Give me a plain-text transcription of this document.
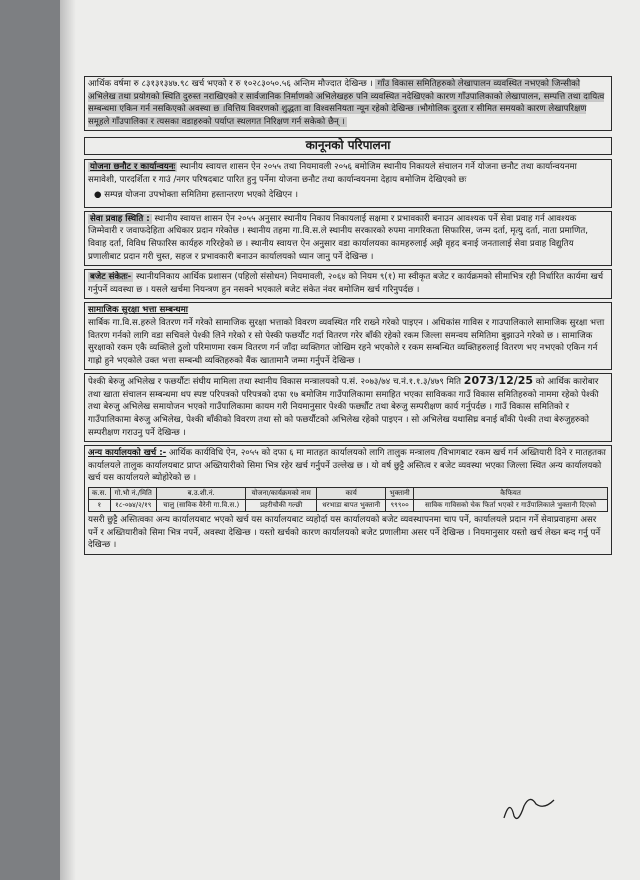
आर्थिक वर्षमा रु ८३१३१३४७.९८ खर्च भएको र रु १०२८३०५०.५६ अन्तिम मौज्दात देखिन्छ । गाँउ विकास समितिहरुको लेखापालन व्यवस्थित नभएको जिन्सीको अभिलेख तथा प्रयोगको स्थिति दुरुस्त नराखिएको र सार्वजानिक निर्माणको अभिलेखहरु पनि व्यवस्थित नदेखिएको कारण गाँउपालिकाको लेखापालन, सम्पत्ति तथा दायित्व सम्बन्धमा एकिन गर्न नसकिएको अवस्था छ ।वित्तिय विवरणको शुद्धता वा विश्वसनियता न्यून रहेको देखिन्छ ।भौगोलिक दुरता र सीमित समयको कारण लेखापरिक्षण समूहले गाँउपालिका र त्यसका वडाहरुको पर्याप्त स्थलगत निरिक्षण गर्न सकेको छैन् ।
कानूनको परिपालना
योजना छनौट र कार्यान्वयनः स्थानीय स्वायत्त शासन ऐन २०५५ तथा नियमावली २०५६ बमोजिम स्थानीय निकायले संचालन गर्ने योजना छनौट तथा कार्यान्वयनमा समावेशी, पारदर्शिता र गाउं /नगर परिषदबाट पारित हुनु पर्नेमा योजना छनौट तथा कार्यान्वयनमा देहाय बमोजिम देखिएको छः
● सम्पन्न योजना उपभोक्ता समितिमा हस्तान्तरण भएको देखिएन ।
सेवा प्रवाह स्थिति : स्थानीय स्वायत्त शासन ऐन २०५५ अनुसार स्थानीय निकाय निकायलाई सक्षमा र प्रभावकारी बनाउन आवश्यक पर्ने सेवा प्रवाह गर्न आवश्यक जिम्मेवारी र जवाफदेहिता अधिकार प्रदान गरेकोछ । स्थानीय तहमा गा.वि.स.ले स्थानीय सरकारको रुपमा नागरिकता सिफारिस, जन्म दर्ता, मृत्यु दर्ता, नाता प्रमाणित, विवाह दर्ता, विविध सिफारिस कार्यहरु गरिरहेको छ । स्थानीय स्वायत्त ऐन अनुसार वडा कार्यालयका कामहरुलाई अझै वृहद बनाई जनतालाई सेवा प्रवाह विद्युतिय प्रणालीबाट प्रदान गरी चुस्त, सहज र प्रभावकारी बनाउन कार्यालयको ध्यान जानु पर्ने देखिन्छ ।
बजेट संकेतः- स्थानीयनिकाय आर्थिक प्रशासन (पहिलो संसोधन) नियमावली, २०६४ को नियम ९(१) मा स्वीकृत बजेट र कार्यक्रमको सीमाभित्र रही निर्धारित कार्यमा खर्च गर्नुपर्ने व्यवस्था छ । यसले खर्चमा नियन्त्रण हुन नसक्ने भएकाले बजेट संकेत नंवर बमोजिम खर्च गरिनुपर्दछ ।
सामाजिक सुरक्षा भत्ता सम्बन्धमा
सार्बिक गा.वि.स.हरुले वितरण गर्ने गरेको सामाजिक सुरक्षा भत्ताको विवरण व्यवस्थित गरि राख्ने गरेको पाइएन । अधिकांस गाविस र गाउपालिकाले सामाजिक सुरक्षा भत्ता वितरण गर्नको लागि वडा सचिवले पेश्की लिने गरेको र सो पेस्की फछर्यौट गर्दा वितरण गरेर बाँकी रहेको रकम जिल्ला समन्वय समितिमा बुझाउने गरेको छ । सामाजिक सुरक्षाको रकम एकै व्यक्तिले ठुलो परिमाणमा रकम वितरण गर्न जाँदा व्यक्तिगत जोखिम रहने भएकोले र रकम सम्बन्धित व्यक्तिहरुलाई वितरण भए नभएको एकिन गर्न गाह्रो हुने भएकोले उक्त भत्ता सम्बन्धी व्यक्तिहरुको बैंक खातामानै जम्मा गर्नुपर्ने देखिन्छ ।
पेश्की बेरुजु अभिलेख र फछर्यौटः संघीय मामिला तथा स्थानीय विकास मन्त्रालयको प.सं. २०७३/७४ च.नं.१.१.३/४७९ मिति 2073/12/25 को आर्थिक कारोबार तथा खाता संचालन सम्बन्धमा थप स्पष्ट परिपत्रको परिपत्रको दफा १७ बमोजिम गाउँपालिकामा समाहित भएका साविकका गाउँ विकास समितिहरुको नाममा रहेको पेश्की तथा बेरुजु अभिलेख समायोजन भएको गाउँपालिकामा कायम गरी नियमानुसार पेश्की फर्छ्यौट तथा बेरुजु सम्परीक्षण कार्य गर्नुपर्दछ । गाउँ विकास समितिको र गाउँपालिकामा बेरुजु अभिलेख, पेश्की बाँकीको विवरण तथा सो को फछर्यौटको अभिलेख रहेको पाइएन । सो अभिलेख यथासिघ्र बनाई बाँकी पेश्की तथा बेरुजुहरुको सम्परीक्षण गराउनु पर्ने देखिन्छ ।
अन्य कार्यालयको खर्च :- आर्थिक कार्यविधि ऐन, २०५५ को दफा ६ मा मातहत कार्यालयको लागि तालुक मन्त्रालय /विभागबाट रकम खर्च गर्न अख्तियारी दिने र मातहतका कार्यालयले तालुक कार्यालयबाट प्राप्त अख्तियारीको सिमा भित्र रहेर खर्च गर्नुपर्ने उल्लेख छ । यो वर्ष छुट्टै अस्तित्व र बजेट व्यवस्था भएका जिल्ला स्थित अन्य कार्यालयको खर्च यस कार्यालयले ब्योहोरेको छ ।
क.स.	गो.भौ नं./मिति	ब.उ.शी.नं.	योजना/कार्यक्रमको नाम	कार्य	भुक्तानी	कैफियत
१	१८-०७४/२/१९	चालु (साविक वैरेनी गा.वि.स.)	प्रहरीचौकी गल्छी	धरभाडा बापत भुक्तानी	९९९००	साविक गाविसको चेक फिर्ता भएको र गाउँपालिकाले भुक्तानी दिएको
यसरी छुट्टै अस्तित्वका अन्य कार्यालयबाट भएको खर्च यस कार्यालयबाट व्यहोर्दा यस कार्यालयको बजेट व्यवस्थापनमा चाप पर्ने, कार्यालयले प्रदान गर्ने सेवाप्रवाहमा असर पर्ने र अख्तियारीको सिमा भित्र नपर्ने, अवस्था देखिन्छ । यस्तो खर्चको कारण कार्यालयको बजेट प्रणालीमा असर पर्ने देखिन्छ । नियमानुसार यस्तो खर्च लेख्न बन्द गर्नु पर्ने देखिन्छ ।
